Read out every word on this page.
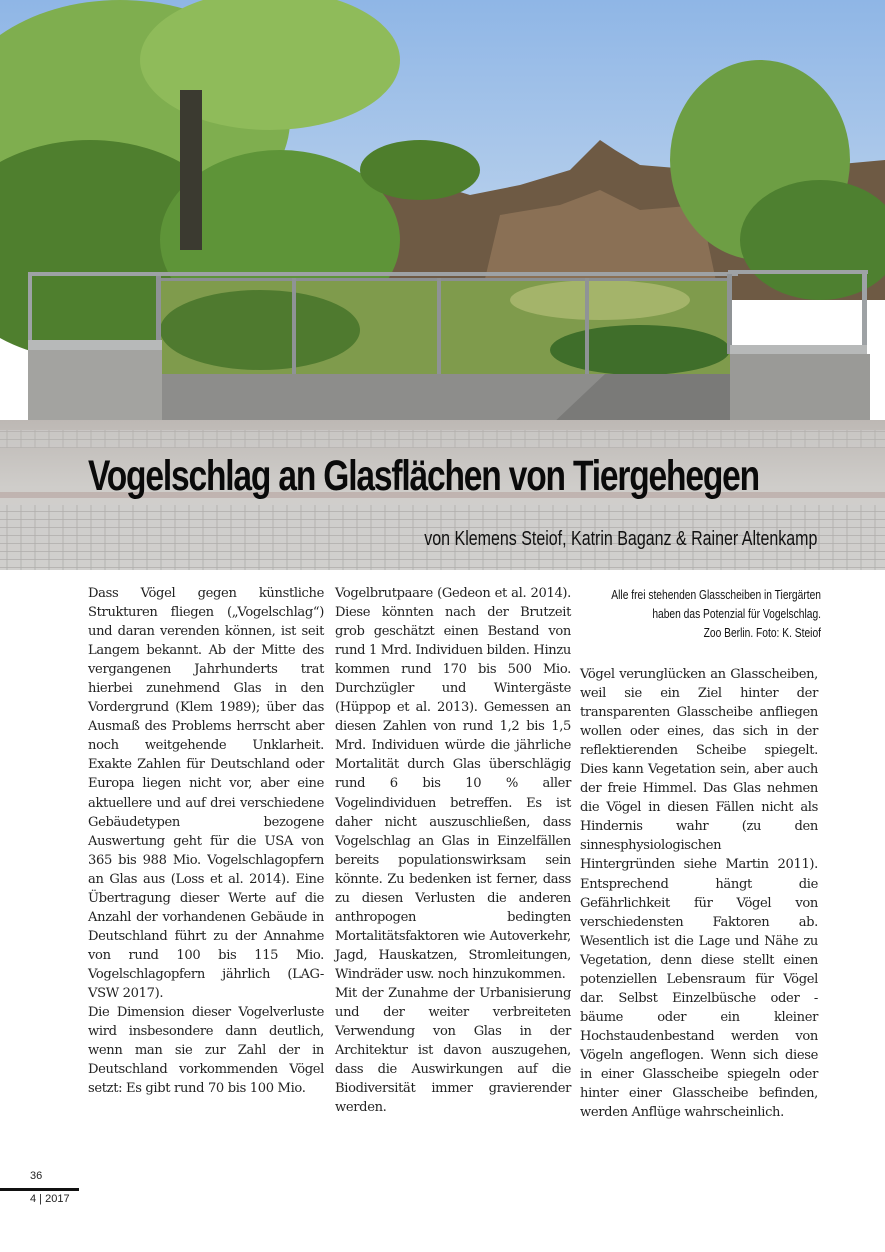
Vogelschlag an Glasflächen von Tiergehegen
von Klemens Steiof, Katrin Baganz & Rainer Altenkamp

Dass Vögel gegen künstliche Strukturen fliegen („Vogelschlag“) und daran verenden können, ist seit Langem bekannt. Ab der Mitte des vergangenen Jahrhunderts trat hierbei zunehmend Glas in den Vordergrund (Klem 1989); über das Ausmaß des Problems herrscht aber noch weitgehende Unklarheit. Exakte Zahlen für Deutschland oder Europa liegen nicht vor, aber eine aktuellere und auf drei verschiedene Gebäudetypen bezogene Auswertung geht für die USA von 365 bis 988 Mio. Vogelschlagopfern an Glas aus (Loss et al. 2014). Eine Übertragung dieser Werte auf die Anzahl der vorhandenen Gebäude in Deutschland führt zu der Annahme von rund 100 bis 115 Mio. Vogelschlagopfern jährlich (LAG-VSW 2017).

Die Dimension dieser Vogelverluste wird insbesondere dann deutlich, wenn man sie zur Zahl der in Deutschland vorkommenden Vögel setzt: Es gibt rund 70 bis 100 Mio.

Vogelbrutpaare (Gedeon et al. 2014). Diese könnten nach der Brutzeit grob geschätzt einen Bestand von rund 1 Mrd. Individuen bilden. Hinzu kommen rund 170 bis 500 Mio. Durchzügler und Wintergäste (Hüppop et al. 2013). Gemessen an diesen Zahlen von rund 1,2 bis 1,5 Mrd. Individuen würde die jährliche Mortalität durch Glas überschlägig rund 6 bis 10 % aller Vogelindividuen betreffen. Es ist daher nicht auszuschließen, dass Vogelschlag an Glas in Einzelfällen bereits populationswirksam sein könnte. Zu bedenken ist ferner, dass zu diesen Verlusten die anderen anthropogen bedingten Mortalitätsfaktoren wie Autoverkehr, Jagd, Hauskatzen, Stromleitungen, Windräder usw. noch hinzukommen.

Mit der Zunahme der Urbanisierung und der weiter verbreiteten Verwendung von Glas in der Architektur ist davon auszugehen, dass die Auswirkungen auf die Biodiversität immer gravierender werden.

Alle frei stehenden Glasscheiben in Tiergärten
haben das Potenzial für Vogelschlag.
Zoo Berlin. Foto: K. Steiof

Vögel verunglücken an Glasscheiben, weil sie ein Ziel hinter der transparenten Glasscheibe anfliegen wollen oder eines, das sich in der reflektierenden Scheibe spiegelt. Dies kann Vegetation sein, aber auch der freie Himmel. Das Glas nehmen die Vögel in diesen Fällen nicht als Hindernis wahr (zu den sinnesphysiologischen Hintergründen siehe Martin 2011). Entsprechend hängt die Gefährlichkeit für Vögel von verschiedensten Faktoren ab. Wesentlich ist die Lage und Nähe zu Vegetation, denn diese stellt einen potenziellen Lebensraum für Vögel dar. Selbst Einzelbüsche oder -bäume oder ein kleiner Hochstaudenbestand werden von Vögeln angeflogen. Wenn sich diese in einer Glasscheibe spiegeln oder hinter einer Glasscheibe befinden, werden Anflüge wahrscheinlich.

36
4 | 2017
